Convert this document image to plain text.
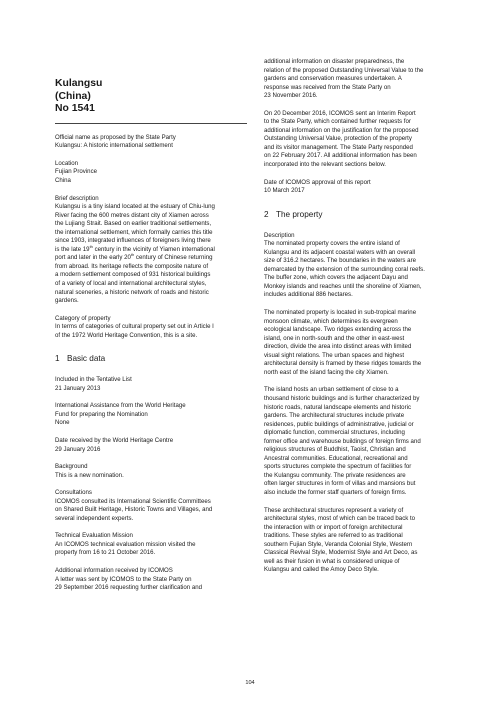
Kulangsu
(China)
No 1541
Official name as proposed by the State Party
Kulangsu: A historic international settlement
Location
Fujian Province
China
Brief description
Kulangsu is a tiny island located at the estuary of Chiu-lung
River facing the 600 metres distant city of Xiamen across
the Lujiang Strait. Based on earlier traditional settlements,
the international settlement, which formally carries this title
since 1903, integrated influences of foreigners living there
is the late 19th century in the vicinity of Yiamen international
port and later in the early 20th century of Chinese returning
from abroad. Its heritage reflects the composite nature of
a modern settlement composed of 931 historical buildings
of a variety of local and international architectural styles,
natural sceneries, a historic network of roads and historic
gardens.
Category of property
In terms of categories of cultural property set out in Article I
of the 1972 World Heritage Convention, this is a site.
1 Basic data
Included in the Tentative List
21 January 2013
International Assistance from the World Heritage
Fund for preparing the Nomination
None
Date received by the World Heritage Centre
29 January 2016
Background
This is a new nomination.
Consultations
ICOMOS consulted its International Scientific Committees
on Shared Built Heritage, Historic Towns and Villages, and
several independent experts.
Technical Evaluation Mission
An ICOMOS technical evaluation mission visited the
property from 16 to 21 October 2016.
Additional information received by ICOMOS
A letter was sent by ICOMOS to the State Party on
29 September 2016 requesting further clarification and
additional information on disaster preparedness, the
relation of the proposed Outstanding Universal Value to the
gardens and conservation measures undertaken. A
response was received from the State Party on
23 November 2016.
On 20 December 2016, ICOMOS sent an Interim Report
to the State Party, which contained further requests for
additional information on the justification for the proposed
Outstanding Universal Value, protection of the property
and its visitor management. The State Party responded
on 22 February 2017. All additional information has been
incorporated into the relevant sections below.
Date of ICOMOS approval of this report
10 March 2017
2 The property
Description
The nominated property covers the entire island of
Kulangsu and its adjacent coastal waters with an overall
size of 316.2 hectares. The boundaries in the waters are
demarcated by the extension of the surrounding coral reefs.
The buffer zone, which covers the adjacent Dayu and
Monkey islands and reaches until the shoreline of Xiamen,
includes additional 886 hectares.
The nominated property is located in sub-tropical marine
monsoon climate, which determines its evergreen
ecological landscape. Two ridges extending across the
island, one in north-south and the other in east-west
direction, divide the area into distinct areas with limited
visual sight relations. The urban spaces and highest
architectural density is framed by these ridges towards the
north east of the island facing the city Xiamen.
The island hosts an urban settlement of close to a
thousand historic buildings and is further characterized by
historic roads, natural landscape elements and historic
gardens. The architectural structures include private
residences, public buildings of administrative, judicial or
diplomatic function, commercial structures, including
former office and warehouse buildings of foreign firms and
religious structures of Buddhist, Taoist, Christian and
Ancestral communities. Educational, recreational and
sports structures complete the spectrum of facilities for
the Kulangsu community. The private residences are
often larger structures in form of villas and mansions but
also include the former staff quarters of foreign firms.
These architectural structures represent a variety of
architectural styles, most of which can be traced back to
the interaction with or import of foreign architectural
traditions. These styles are referred to as traditional
southern Fujian Style, Veranda Colonial Style, Western
Classical Revival Style, Modernist Style and Art Deco, as
well as their fusion in what is considered unique of
Kulangsu and called the Amoy Deco Style.
104
